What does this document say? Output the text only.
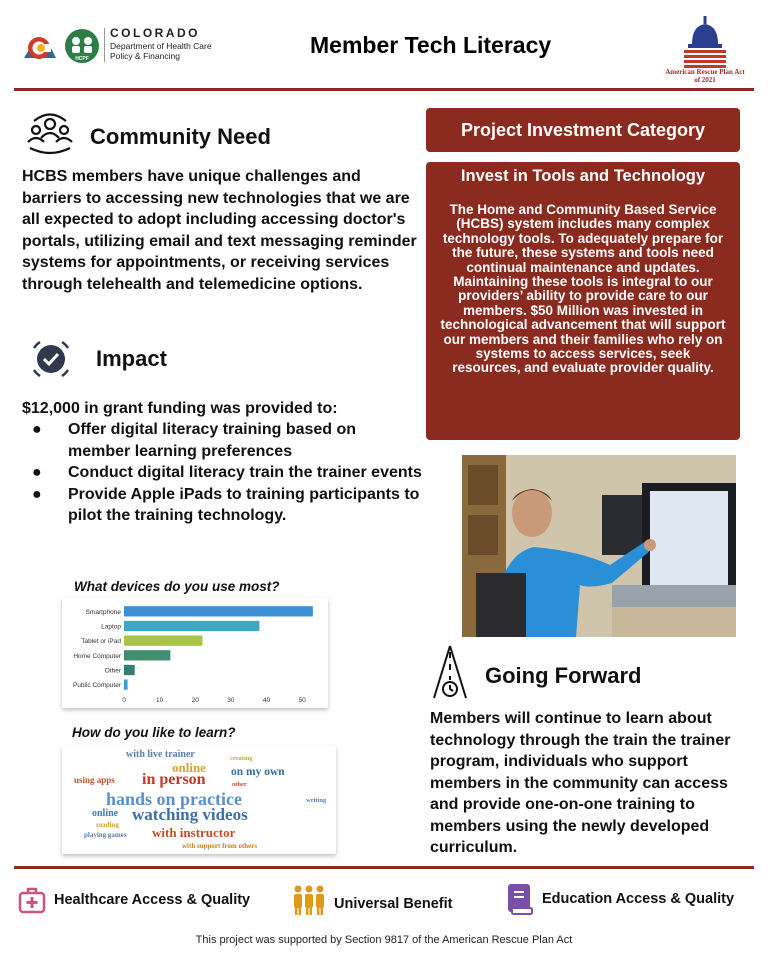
HCPF
COLORADO
Department of Health Care Policy & Financing	Member Tech Literacy
American Rescue Plan Act of 2021
Community Need
HCBS members have unique challenges and barriers to accessing new technologies that we are all expected to adopt including accessing doctor's portals, utilizing email and text messaging reminder systems for appointments, or receiving services through telehealth and telemedicine options.
Impact
$12,000 in grant funding was provided to:
● Offer digital literacy training based on member learning preferences
● Conduct digital literacy train the trainer events
● Provide Apple iPads to training participants to pilot the training technology.
What devices do you use most?
Smartphone
Laptop
Tablet or iPad
Home Computer
Other
Public Computer
0	10	20	30	40	50
How do you like to learn?
with live trainer	creating
online on my own
using apps in person	other
hands on practice	writing
online watching videos
reading
playing games with instructor
with support from others
Project Investment Category
Invest in Tools and Technology
The Home and Community Based Service (HCBS) system includes many complex technology tools. To adequately prepare for the future, these systems and tools need continual maintenance and updates. Maintaining these tools is integral to our providers’ ability to provide care to our members. $50 Million was invested in technological advancement that will support our members and their families who rely on systems to access services, seek resources, and evaluate provider quality.
Going Forward
Members will continue to learn about technology through the train the trainer program, individuals who support members in the community can access and provide one-on-one training to members using the newly developed curriculum.
Healthcare Access & Quality	Universal Benefit	Education Access & Quality
This project was supported by Section 9817 of the American Rescue Plan Act
